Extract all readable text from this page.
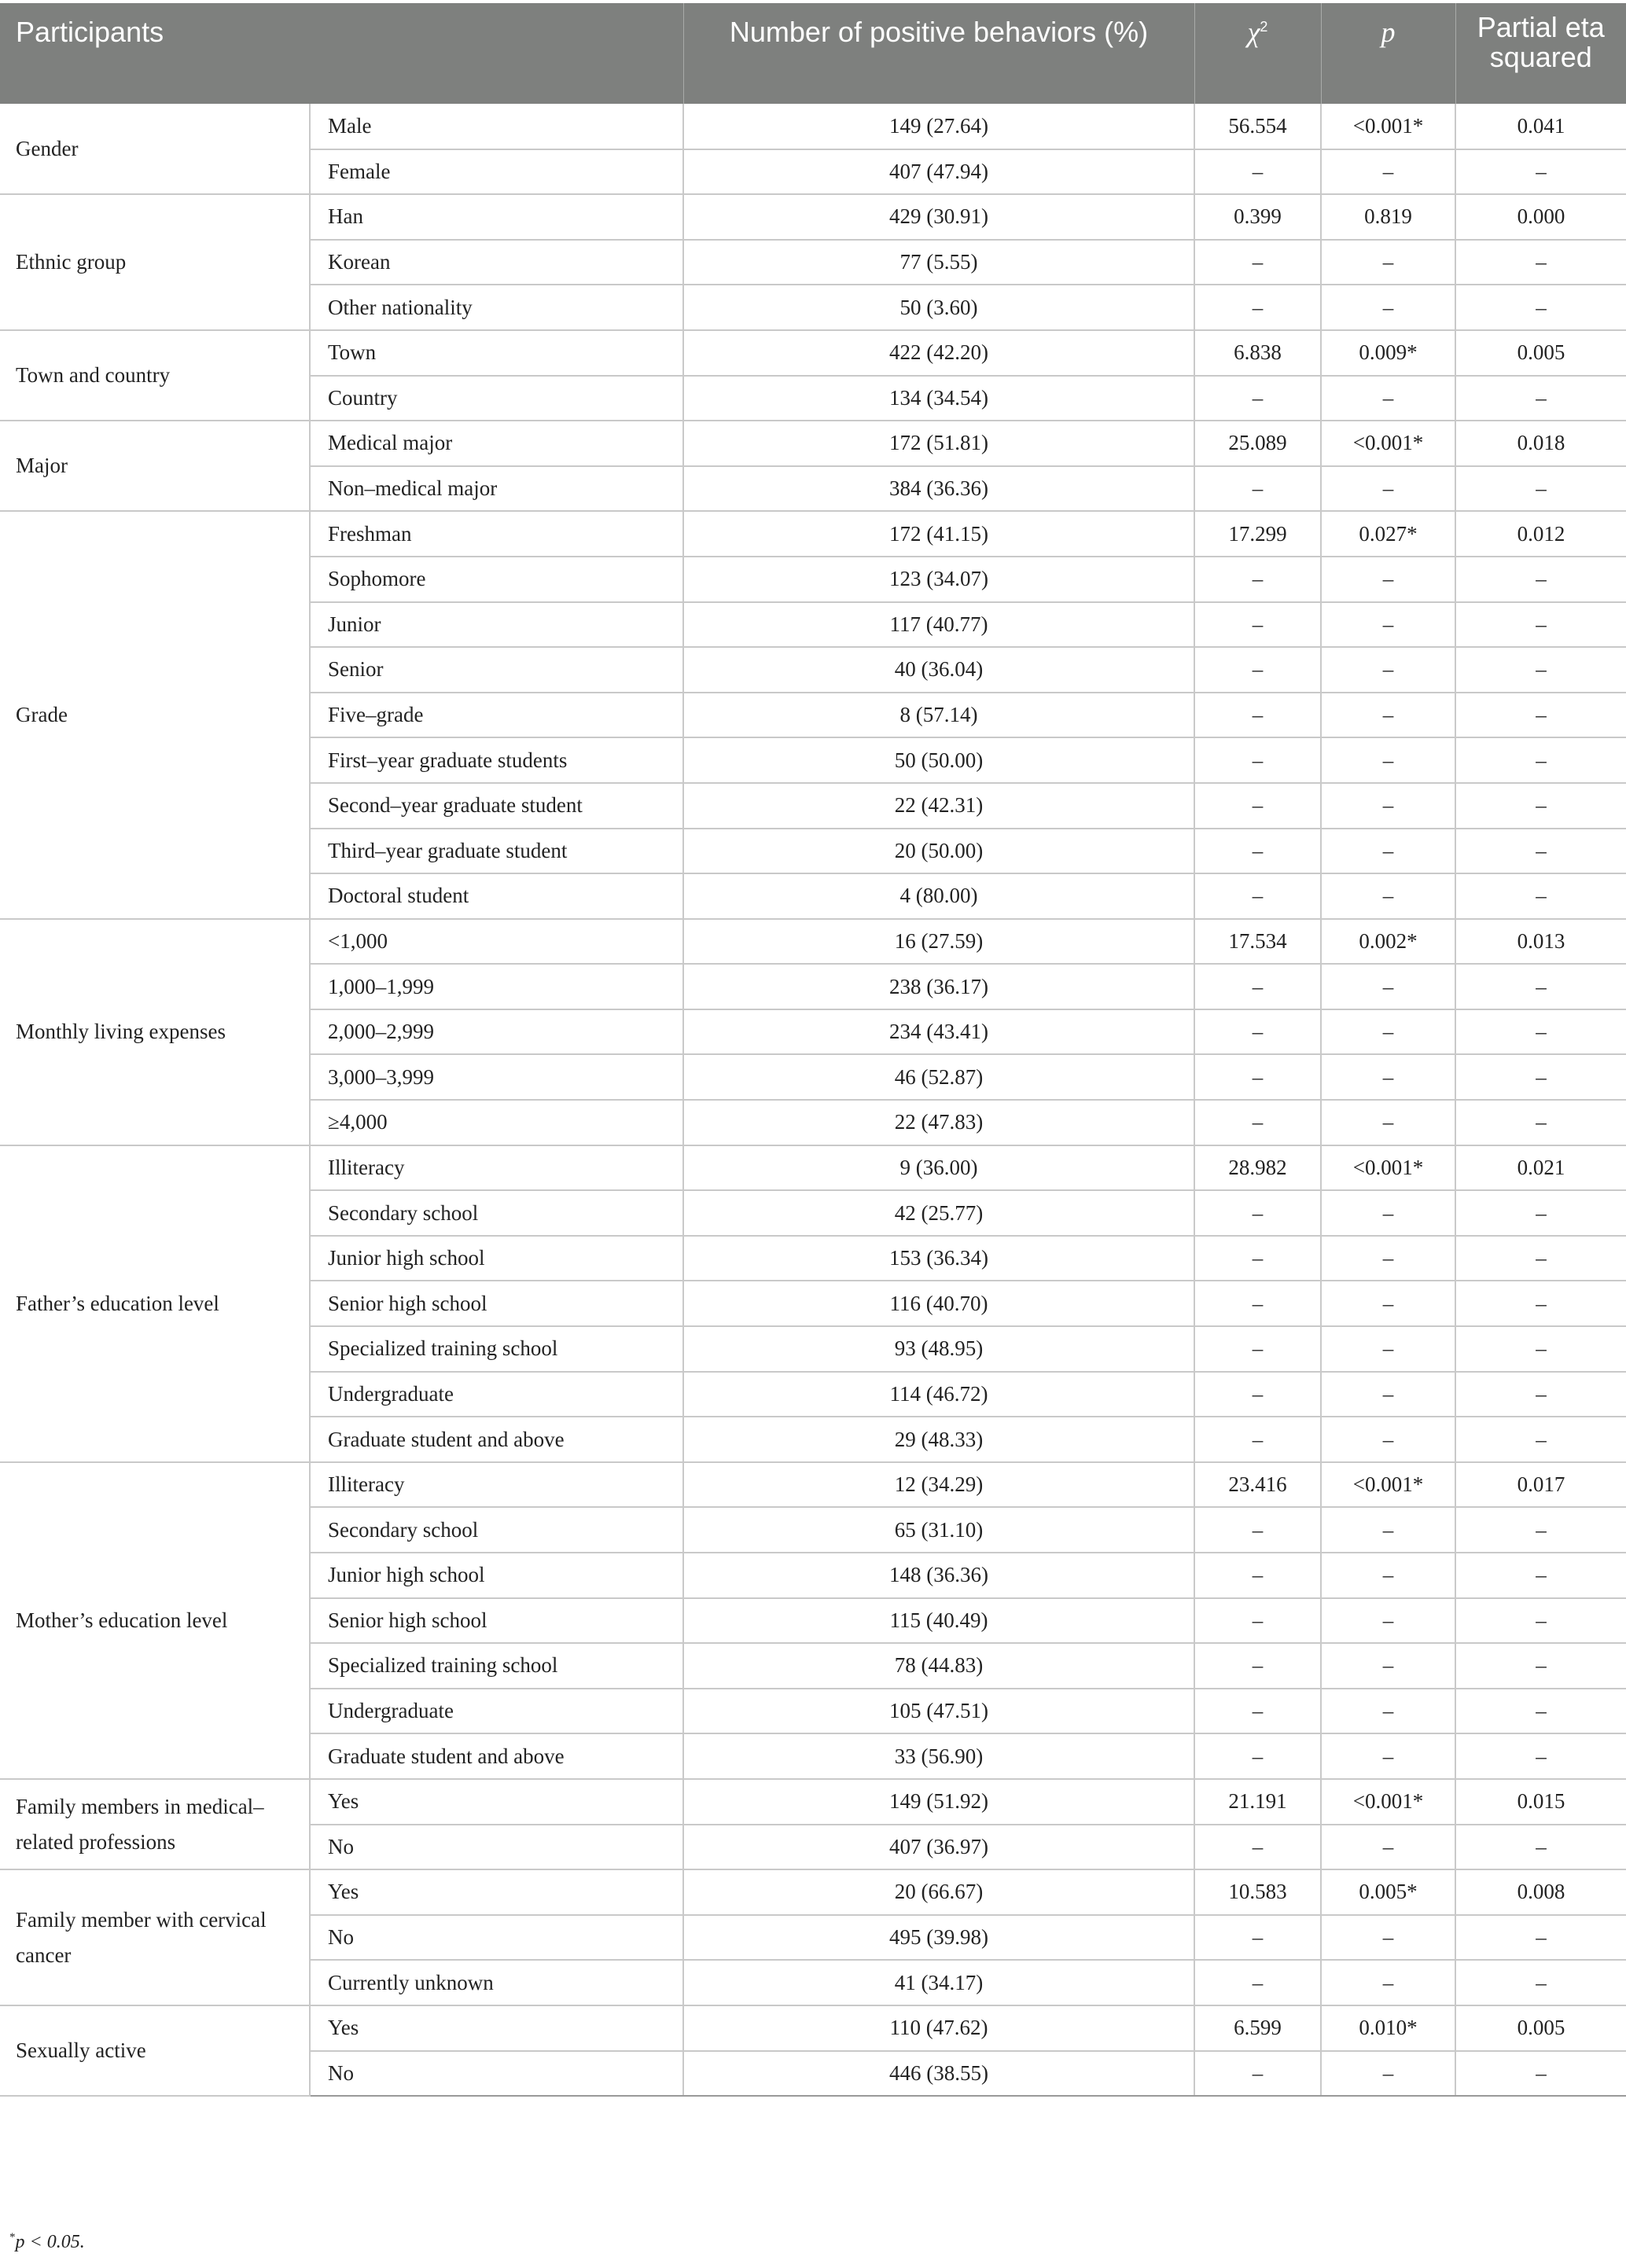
Participants		Number of positive behaviors (%)	$\chi^2$	p	Partial eta squared
Gender	Male	149 (27.64)	56.554	<0.001*	0.041
	Female	407 (47.94)	–	–	–
Ethnic group	Han	429 (30.91)	0.399	0.819	0.000
	Korean	77 (5.55)	–	–	–
	Other nationality	50 (3.60)	–	–	–
Town and country	Town	422 (42.20)	6.838	0.009*	0.005
	Country	134 (34.54)	–	–	–
Major	Medical major	172 (51.81)	25.089	<0.001*	0.018
	Non–medical major	384 (36.36)	–	–	–
Grade	Freshman	172 (41.15)	17.299	0.027*	0.012
	Sophomore	123 (34.07)	–	–	–
	Junior	117 (40.77)	–	–	–
	Senior	40 (36.04)	–	–	–
	Five–grade	8 (57.14)	–	–	–
	First–year graduate students	50 (50.00)	–	–	–
	Second–year graduate student	22 (42.31)	–	–	–
	Third–year graduate student	20 (50.00)	–	–	–
	Doctoral student	4 (80.00)	–	–	–
Monthly living expenses	<1,000	16 (27.59)	17.534	0.002*	0.013
	1,000–1,999	238 (36.17)	–	–	–
	2,000–2,999	234 (43.41)	–	–	–
	3,000–3,999	46 (52.87)	–	–	–
	≥4,000	22 (47.83)	–	–	–
Father’s education level	Illiteracy	9 (36.00)	28.982	<0.001*	0.021
	Secondary school	42 (25.77)	–	–	–
	Junior high school	153 (36.34)	–	–	–
	Senior high school	116 (40.70)	–	–	–
	Specialized training school	93 (48.95)	–	–	–
	Undergraduate	114 (46.72)	–	–	–
	Graduate student and above	29 (48.33)	–	–	–
Mother’s education level	Illiteracy	12 (34.29)	23.416	<0.001*	0.017
	Secondary school	65 (31.10)	–	–	–
	Junior high school	148 (36.36)	–	–	–
	Senior high school	115 (40.49)	–	–	–
	Specialized training school	78 (44.83)	–	–	–
	Undergraduate	105 (47.51)	–	–	–
	Graduate student and above	33 (56.90)	–	–	–
Family members in medical–related professions	Yes	149 (51.92)	21.191	<0.001*	0.015
	No	407 (36.97)	–	–	–
Family member with cervical cancer	Yes	20 (66.67)	10.583	0.005*	0.008
	No	495 (39.98)	–	–	–
	Currently unknown	41 (34.17)	–	–	–
Sexually active	Yes	110 (47.62)	6.599	0.010*	0.005
	No	446 (38.55)	–	–	–
*p < 0.05.
